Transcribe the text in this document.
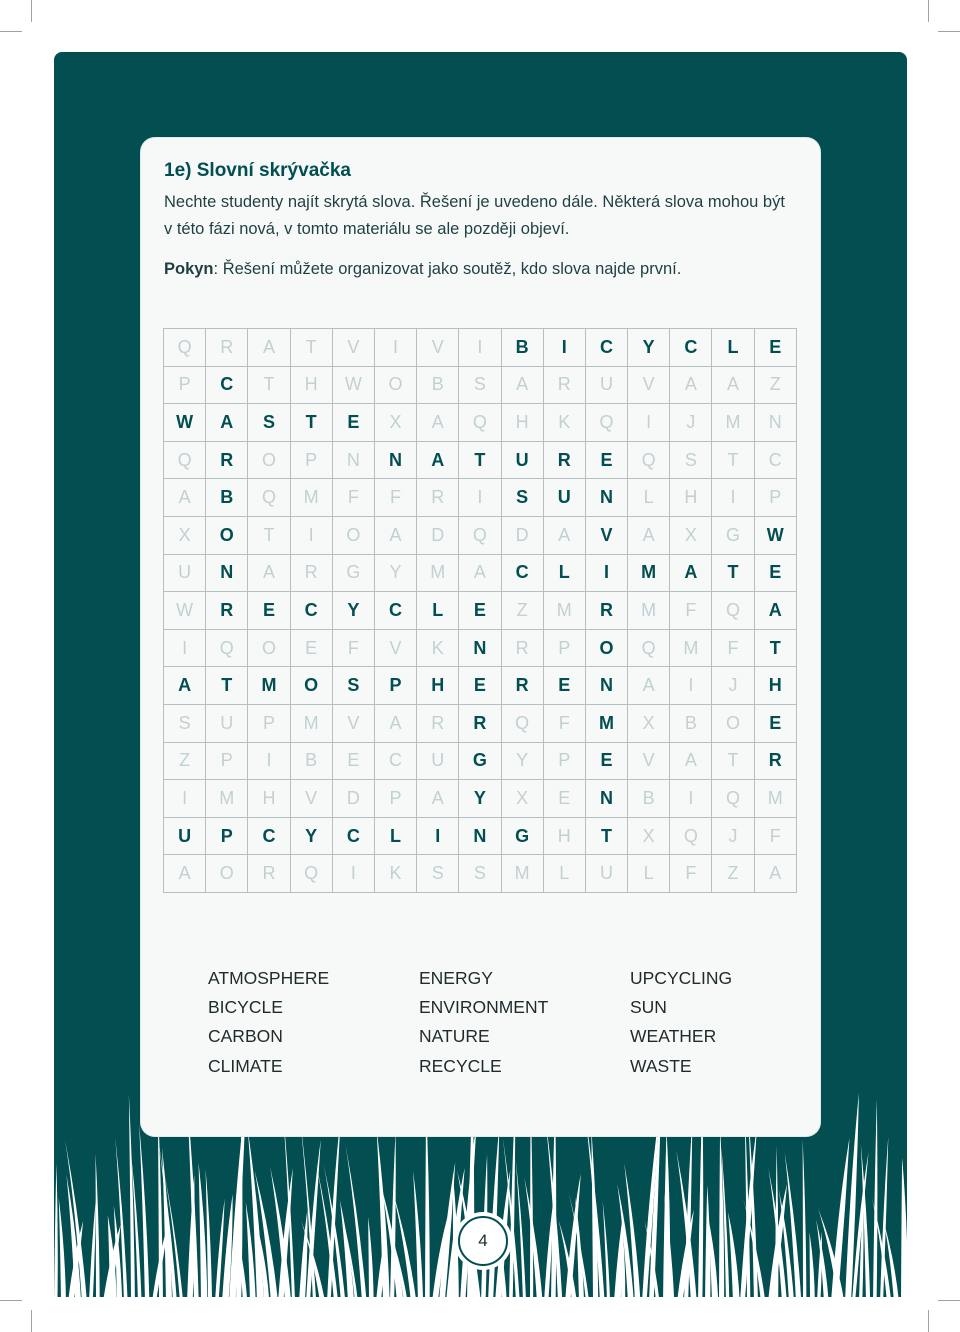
1e) Slovní skrývačka

Nechte studenty najít skrytá slova. Řešení je uvedeno dále. Některá slova mohou být v této fázi nová, v tomto materiálu se ale později objeví.

Pokyn: Řešení můžete organizovat jako soutěž, kdo slova najde první.

Q	R	A	T	V	I	V	I	B	I	C	Y	C	L	E
P	C	T	H	W	O	B	S	A	R	U	V	A	A	Z
W	A	S	T	E	X	A	Q	H	K	Q	I	J	M	N
Q	R	O	P	N	N	A	T	U	R	E	Q	S	T	C
A	B	Q	M	F	F	R	I	S	U	N	L	H	I	P
X	O	T	I	O	A	D	Q	D	A	V	A	X	G	W
U	N	A	R	G	Y	M	A	C	L	I	M	A	T	E
W	R	E	C	Y	C	L	E	Z	M	R	M	F	Q	A
I	Q	O	E	F	V	K	N	R	P	O	Q	M	F	T
A	T	M	O	S	P	H	E	R	E	N	A	I	J	H
S	U	P	M	V	A	R	R	Q	F	M	X	B	O	E
Z	P	I	B	E	C	U	G	Y	P	E	V	A	T	R
I	M	H	V	D	P	A	Y	X	E	N	B	I	Q	M
U	P	C	Y	C	L	I	N	G	H	T	X	Q	J	F
A	O	R	Q	I	K	S	S	M	L	U	L	F	Z	A
ATMOSPHERE	ENERGY	UPCYCLING
BICYCLE	ENVIRONMENT	SUN
CARBON	NATURE	WEATHER
CLIMATE	RECYCLE	WASTE
4
